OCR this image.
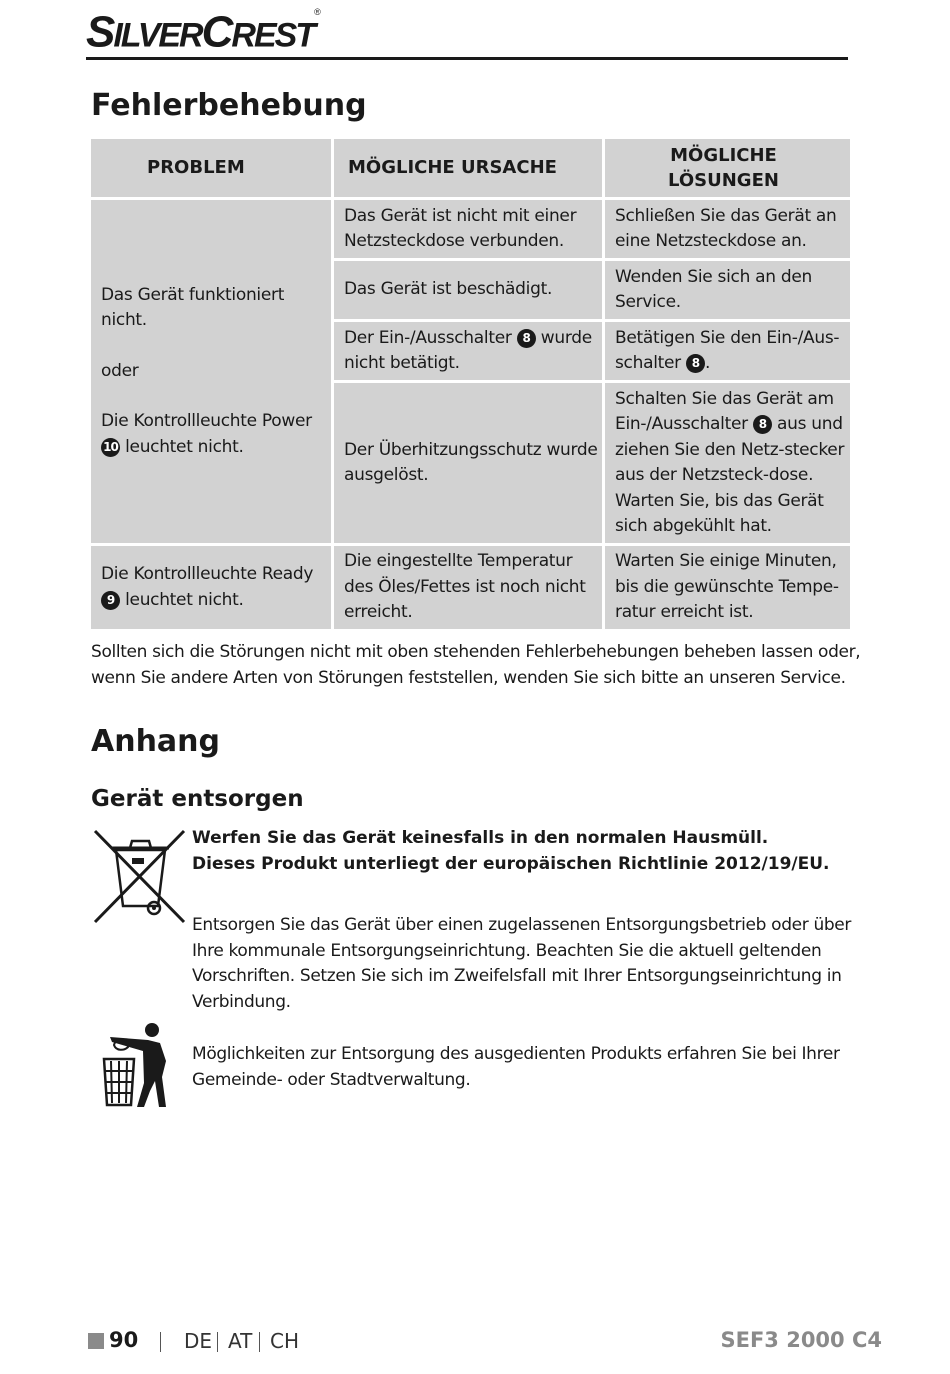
SILVERCREST®
Fehlerbehebung
PROBLEM	MÖGLICHE URSACHE	MÖGLICHE LÖSUNGEN

Das Gerät funktioniert nicht.
oder
Die Kontrollleuchte Power 10 leuchtet nicht.	Das Gerät ist nicht mit einer Netzsteckdose verbunden.	Schließen Sie das Gerät an eine Netzsteckdose an.
	Das Gerät ist beschädigt.	Wenden Sie sich an den Service.
	Der Ein-/Ausschalter 8 wurde nicht betätigt.	Betätigen Sie den Ein-/Aus-schalter 8 .
	Der Überhitzungsschutz wurde ausgelöst.	Schalten Sie das Gerät am Ein-/Ausschalter 8 aus und ziehen Sie den Netz-stecker aus der Netzsteck-dose. Warten Sie, bis das Gerät sich abgekühlt hat.
Die Kontrollleuchte Ready 9 leuchtet nicht.	Die eingestellte Temperatur des Öles/Fettes ist noch nicht erreicht.	Warten Sie einige Minuten, bis die gewünschte Tempe-ratur erreicht ist.

Sollten sich die Störungen nicht mit oben stehenden Fehlerbehebungen beheben lassen oder, wenn Sie andere Arten von Störungen feststellen, wenden Sie sich bitte an unseren Service.

Anhang
Gerät entsorgen

Werfen Sie das Gerät keinesfalls in den normalen Hausmüll. Dieses Produkt unterliegt der europäischen Richtlinie 2012/19/EU.

Entsorgen Sie das Gerät über einen zugelassenen Entsorgungsbetrieb oder über Ihre kommunale Entsorgungseinrichtung. Beachten Sie die aktuell geltenden Vorschriften. Setzen Sie sich im Zweifelsfall mit Ihrer Entsorgungseinrichtung in Verbindung.

Möglichkeiten zur Entsorgung des ausgedienten Produkts erfahren Sie bei Ihrer Gemeinde- oder Stadtverwaltung.

90 DE AT CH	SEF3 2000 C4
